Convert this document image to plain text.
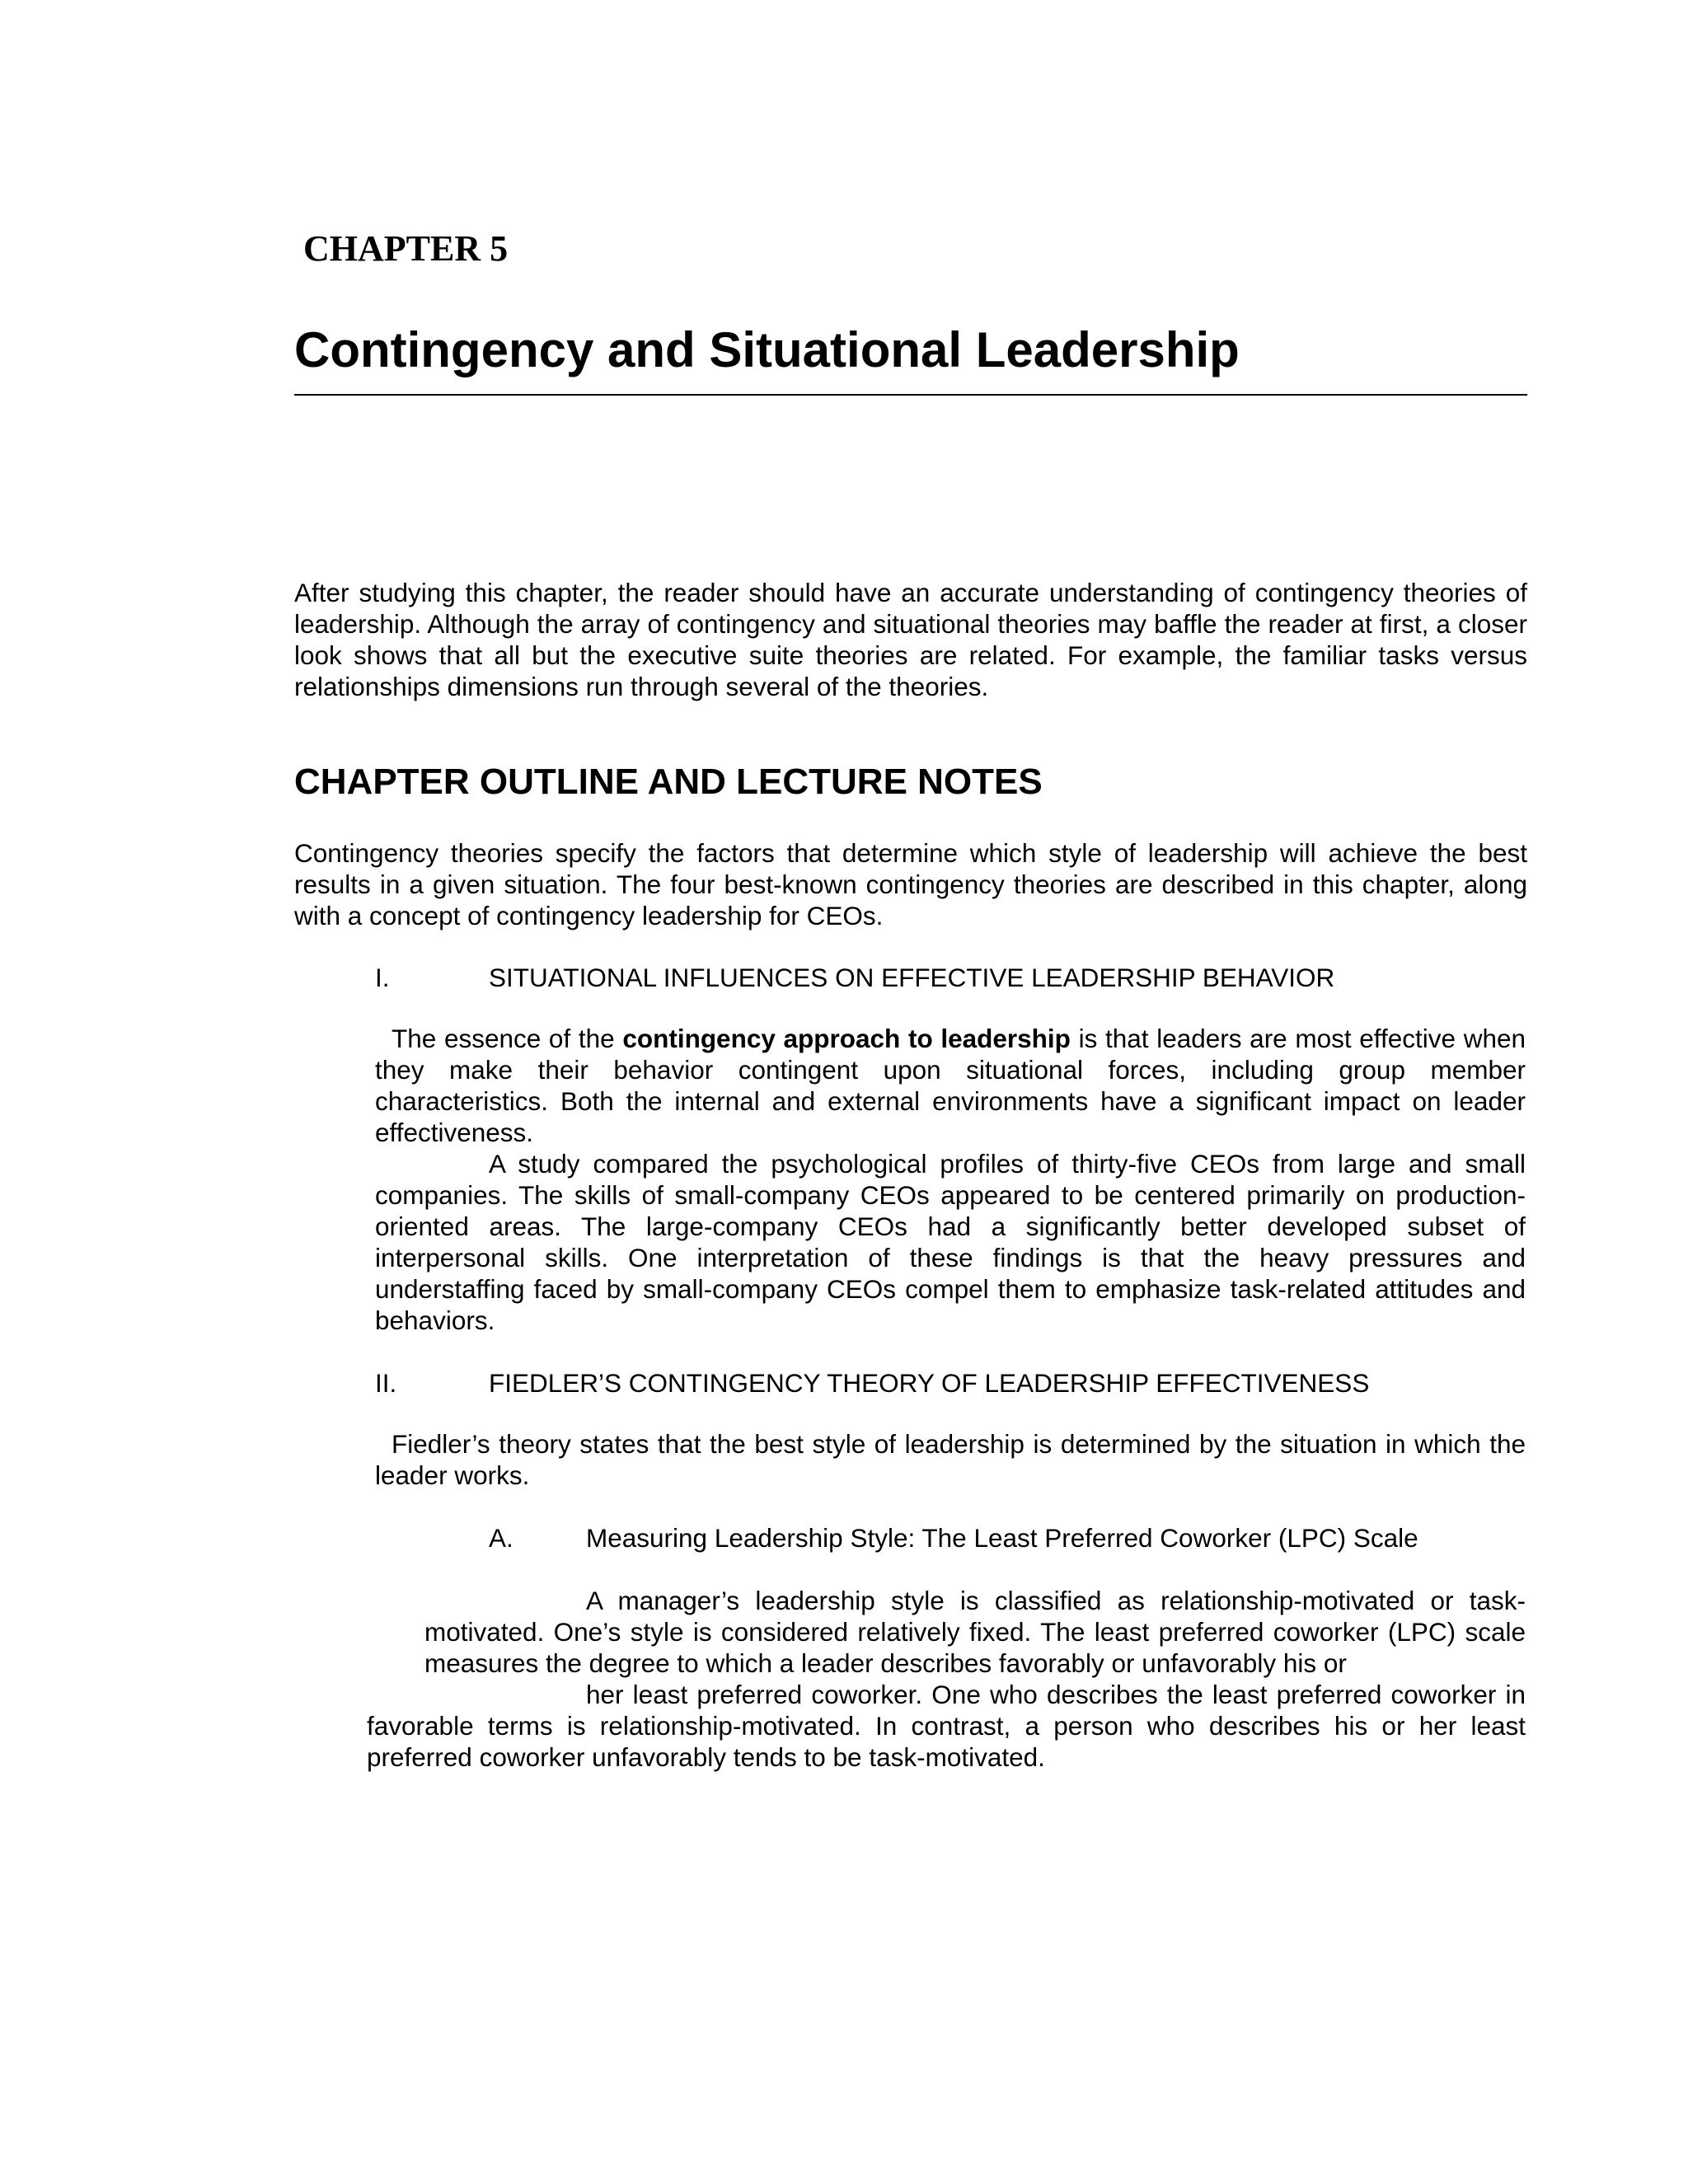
CHAPTER 5
Contingency and Situational Leadership

After studying this chapter, the reader should have an accurate understanding of contingency theories of leadership. Although the array of contingency and situational theories may baffle the reader at first, a closer look shows that all but the executive suite theories are related. For example, the familiar tasks versus relationships dimensions run through several of the theories.

CHAPTER OUTLINE AND LECTURE NOTES

Contingency theories specify the factors that determine which style of leadership will achieve the best results in a given situation. The four best-known contingency theories are described in this chapter, along with a concept of contingency leadership for CEOs.

I.	SITUATIONAL INFLUENCES ON EFFECTIVE LEADERSHIP BEHAVIOR

The essence of the contingency approach to leadership is that leaders are most effective when they make their behavior contingent upon situational forces, including group member characteristics. Both the internal and external environments have a significant impact on leader effectiveness.

A study compared the psychological profiles of thirty-five CEOs from large and small companies. The skills of small-company CEOs appeared to be centered primarily on production-oriented areas. The large-company CEOs had a significantly better developed subset of interpersonal skills. One interpretation of these findings is that the heavy pressures and understaffing faced by small-company CEOs compel them to emphasize task-related attitudes and behaviors.

II.	FIEDLER’S CONTINGENCY THEORY OF LEADERSHIP EFFECTIVENESS

Fiedler’s theory states that the best style of leadership is determined by the situation in which the leader works.

A.	Measuring Leadership Style: The Least Preferred Coworker (LPC) Scale
A manager’s leadership style is classified as relationship-motivated or task-motivated. One’s style is considered relatively fixed. The least preferred coworker (LPC) scale measures the degree to which a leader describes favorably or unfavorably his or
her least preferred coworker. One who describes the least preferred coworker in favorable terms is relationship-motivated. In contrast, a person who describes his or her least preferred coworker unfavorably tends to be task-motivated.
